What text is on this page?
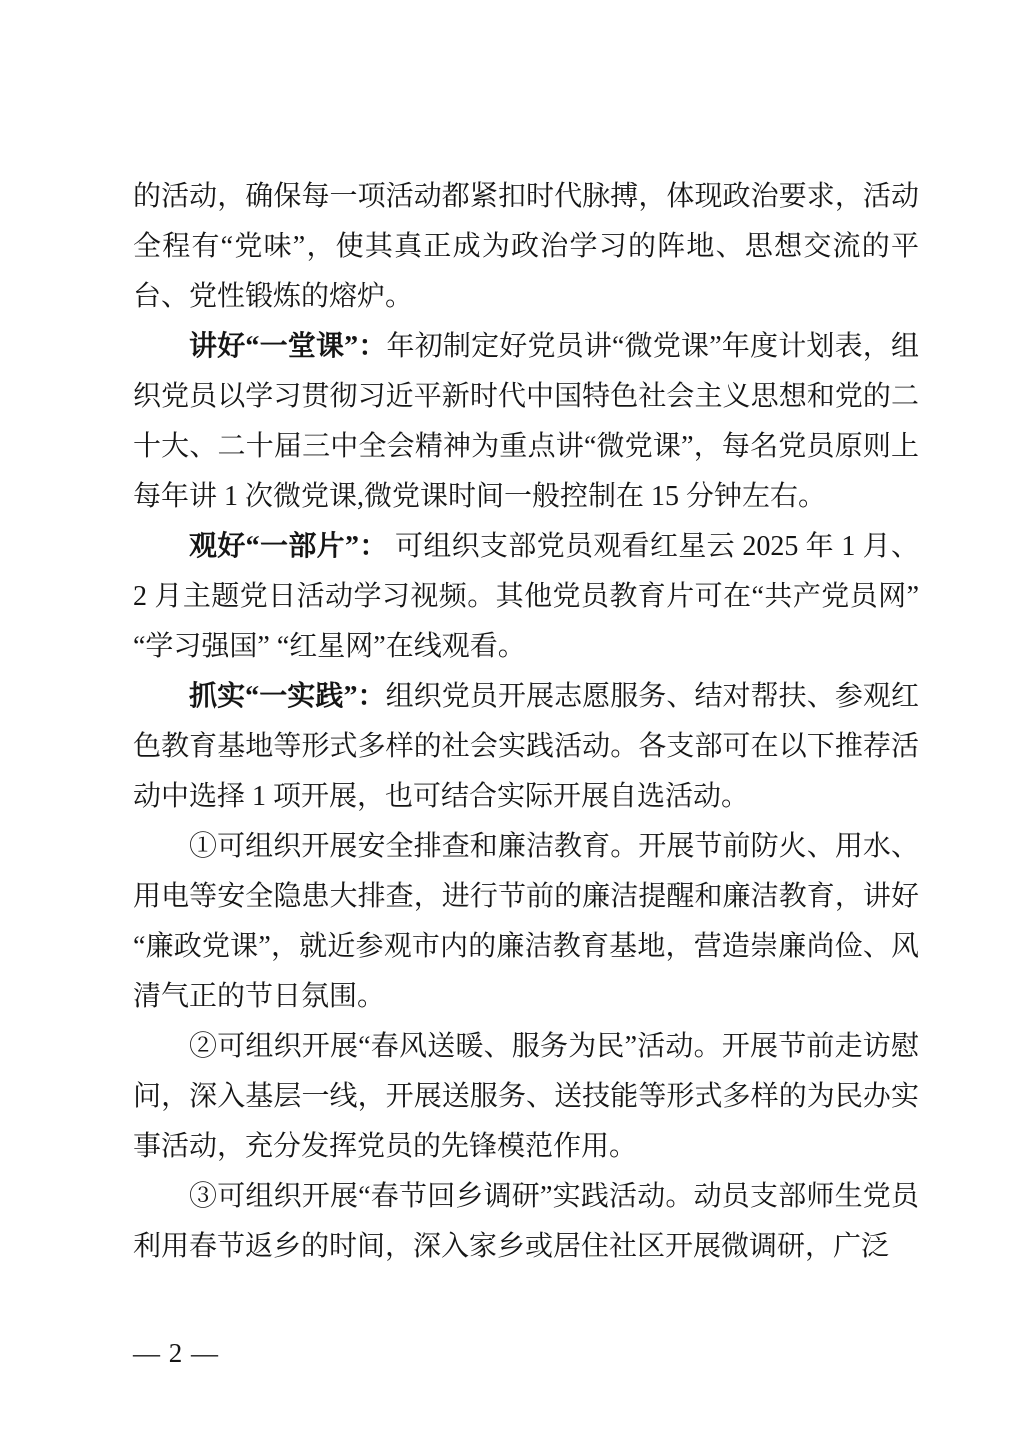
的活动，确保每一项活动都紧扣时代脉搏，体现政治要求，活动全程有“党味”，使其真正成为政治学习的阵地、思想交流的平台、党性锻炼的熔炉。

讲好“一堂课”：年初制定好党员讲“微党课”年度计划表，组织党员以学习贯彻习近平新时代中国特色社会主义思想和党的二十大、二十届三中全会精神为重点讲“微党课”，每名党员原则上每年讲 1 次微党课,微党课时间一般控制在 15 分钟左右。

观好“一部片”： 可组织支部党员观看红星云 2025 年 1 月、2 月主题党日活动学习视频。其他党员教育片可在“共产党员网”“学习强国” “红星网”在线观看。

抓实“一实践”：组织党员开展志愿服务、结对帮扶、参观红色教育基地等形式多样的社会实践活动。各支部可在以下推荐活动中选择 1 项开展，也可结合实际开展自选活动。

①可组织开展安全排查和廉洁教育。开展节前防火、用水、用电等安全隐患大排查，进行节前的廉洁提醒和廉洁教育，讲好“廉政党课”，就近参观市内的廉洁教育基地，营造崇廉尚俭、风清气正的节日氛围。

②可组织开展“春风送暖、服务为民”活动。开展节前走访慰问，深入基层一线，开展送服务、送技能等形式多样的为民办实事活动，充分发挥党员的先锋模范作用。

③可组织开展“春节回乡调研”实践活动。动员支部师生党员利用春节返乡的时间，深入家乡或居住社区开展微调研，广泛

— 2 —
